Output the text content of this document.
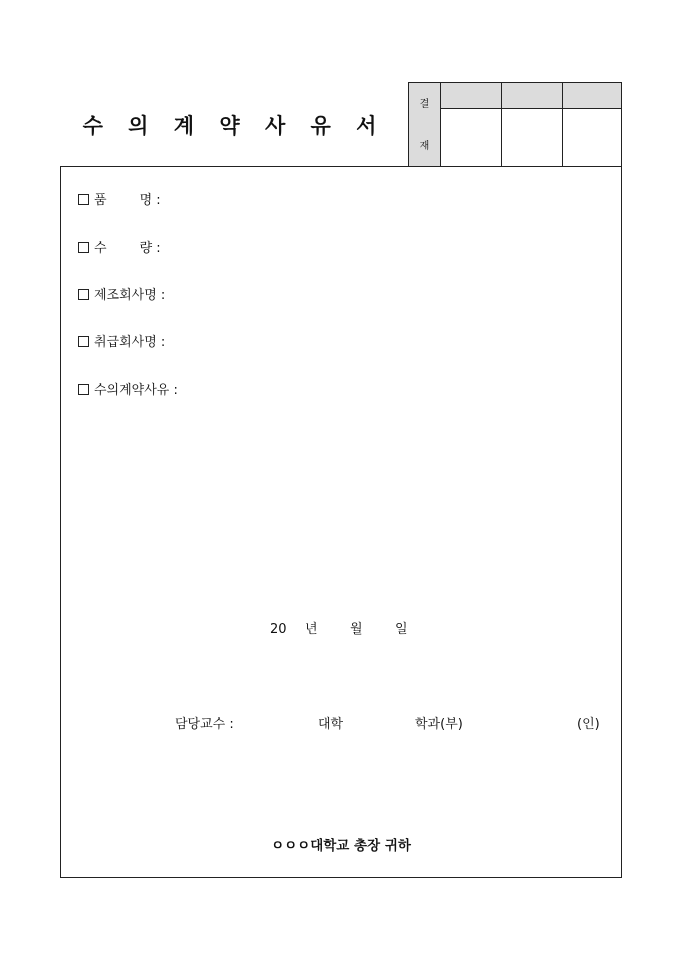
수 의 계 약 사 유 서
결
재
품        명 :
수        량 :
제조회사명 :
취급회사명 :
수의계약사유 :
20 년 월 일
담당교수 :	대학	학과(부)	(인)
ㅇㅇㅇ대학교 총장 귀하
